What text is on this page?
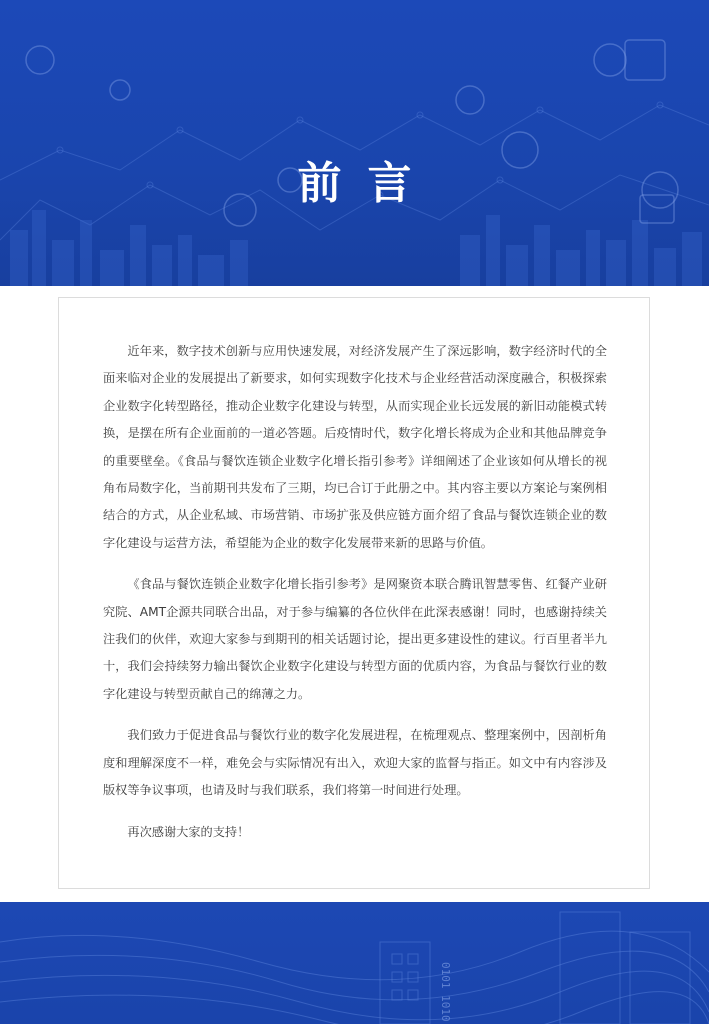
前言

近年来，数字技术创新与应用快速发展，对经济发展产生了深远影响，数字经济时代的全面来临对企业的发展提出了新要求，如何实现数字化技术与企业经营活动深度融合，积极探索企业数字化转型路径，推动企业数字化建设与转型，从而实现企业长远发展的新旧动能模式转换，是摆在所有企业面前的一道必答题。后疫情时代，数字化增长将成为企业和其他品牌竞争的重要壁垒。《食品与餐饮连锁企业数字化增长指引参考》详细阐述了企业该如何从增长的视角布局数字化，当前期刊共发布了三期，均已合订于此册之中。其内容主要以方案论与案例相结合的方式，从企业私域、市场营销、市场扩张及供应链方面介绍了食品与餐饮连锁企业的数字化建设与运营方法，希望能为企业的数字化发展带来新的思路与价值。

《食品与餐饮连锁企业数字化增长指引参考》是网聚资本联合腾讯智慧零售、红餐产业研究院、AMT企源共同联合出品，对于参与编纂的各位伙伴在此深表感谢！同时，也感谢持续关注我们的伙伴，欢迎大家参与到期刊的相关话题讨论，提出更多建设性的建议。行百里者半九十，我们会持续努力输出餐饮企业数字化建设与转型方面的优质内容，为食品与餐饮行业的数字化建设与转型贡献自己的绵薄之力。

我们致力于促进食品与餐饮行业的数字化发展进程，在梳理观点、整理案例中，因剖析角度和理解深度不一样，难免会与实际情况有出入，欢迎大家的监督与指正。如文中有内容涉及版权等争议事项，也请及时与我们联系，我们将第一时间进行处理。

再次感谢大家的支持！

0101 1010
